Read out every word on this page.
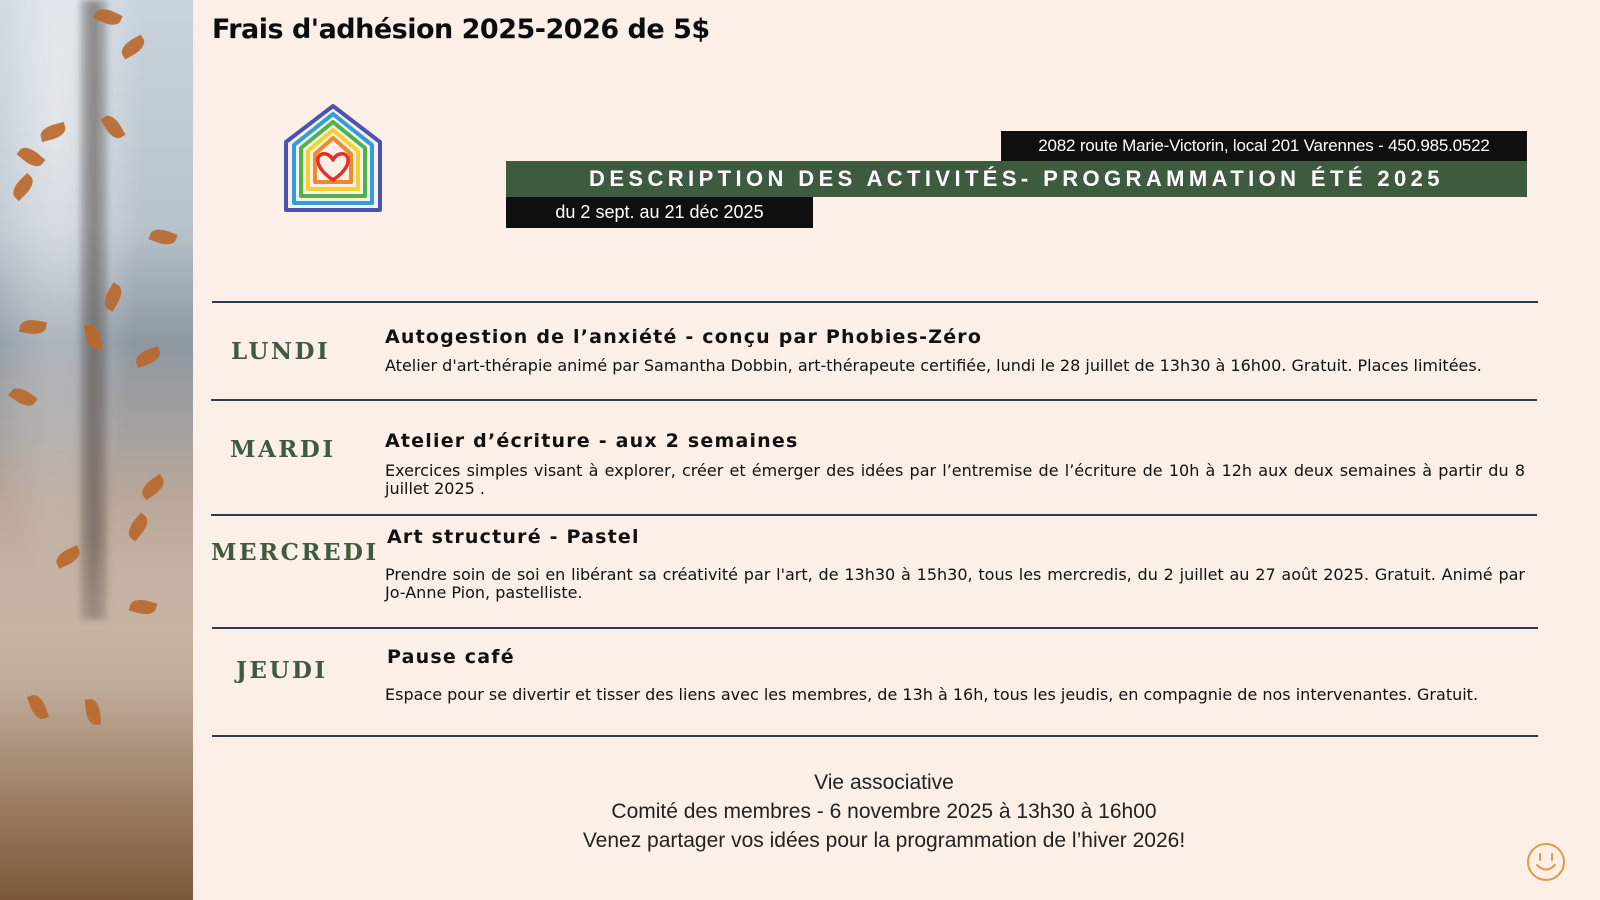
Frais d'adhésion 2025-2026 de 5$
2082 route Marie-Victorin, local 201 Varennes - 450.985.0522
DESCRIPTION DES ACTIVITÉS- PROGRAMMATION ÉTÉ 2025
du 2 sept. au 21 déc 2025
LUNDI
Autogestion de l’anxiété - conçu par Phobies-Zéro
Atelier d'art-thérapie animé par Samantha Dobbin, art-thérapeute certifiée, lundi le 28 juillet de 13h30 à 16h00. Gratuit. Places limitées.
MARDI	Atelier d’écriture - aux 2 semaines
Exercices simples visant à explorer, créer et émerger des idées par l’entremise de l’écriture de 10h à 12h aux deux semaines à partir du 8 juillet 2025 .
MERCREDI
Art structuré - Pastel
Prendre soin de soi en libérant sa créativité par l'art, de 13h30 à 15h30, tous les mercredis, du 2 juillet au 27 août 2025. Gratuit. Animé par Jo-Anne Pion, pastelliste.
JEUDI	Pause café
Espace pour se divertir et tisser des liens avec les membres, de 13h à 16h, tous les jeudis, en compagnie de nos intervenantes. Gratuit.
Vie associative
Comité des membres - 6 novembre 2025 à 13h30 à 16h00
Venez partager vos idées pour la programmation de l’hiver 2026!
